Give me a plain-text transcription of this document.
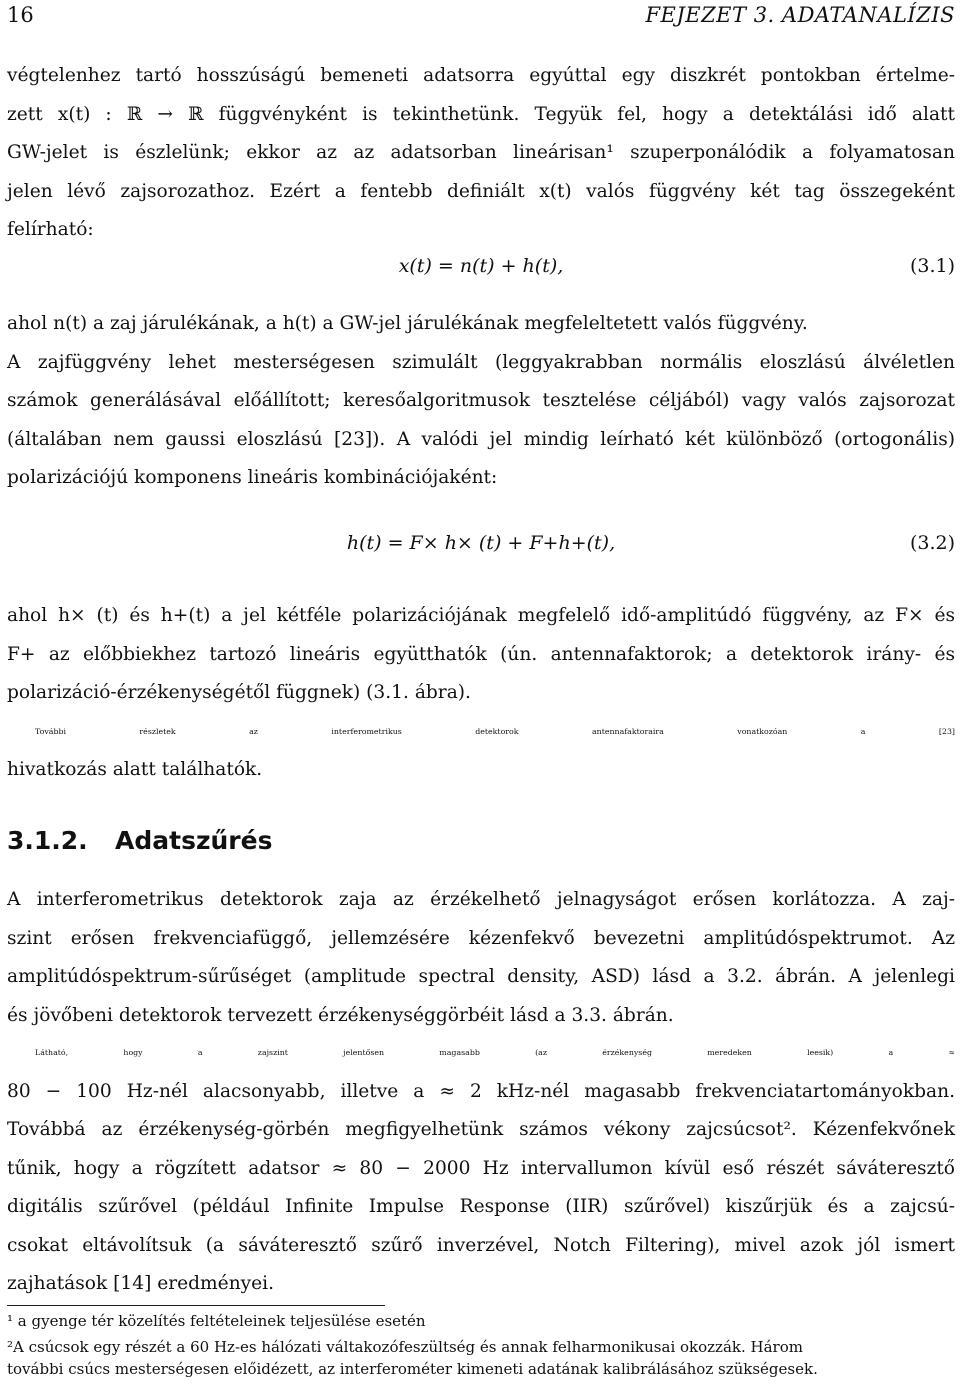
16	FEJEZET 3. ADATANALÍZIS
végtelenhez tartó hosszúságú bemeneti adatsorra egyúttal egy diszkrét pontokban értelme-
zett x(t) : ℝ → ℝ függvényként is tekinthetünk. Tegyük fel, hogy a detektálási idő alatt
GW-jelet is észlelünk; ekkor az az adatsorban lineárisan¹ szuperponálódik a folyamatosan
jelen lévő zajsorozathoz. Ezért a fentebb definiált x(t) valós függvény két tag összegeként
felírható:
x(t) = n(t) + h(t),	(3.1)
ahol n(t) a zaj járulékának, a h(t) a GW-jel járulékának megfeleltetett valós függvény.
A zajfüggvény lehet mesterségesen szimulált (leggyakrabban normális eloszlású álvéletlen
számok generálásával előállított; keresőalgoritmusok tesztelése céljából) vagy valós zajsorozat
(általában nem gaussi eloszlású [23]). A valódi jel mindig leírható két különböző (ortogonális)
polarizációjú komponens lineáris kombinációjaként:
h(t) = F× h× (t) + F+h+(t),	(3.2)
ahol h× (t) és h+(t) a jel kétféle polarizációjának megfelelő idő-amplitúdó függvény, az F× és
F+ az előbbiekhez tartozó lineáris együtthatók (ún. antennafaktorok; a detektorok irány- és
polarizáció-érzékenységétől függnek) (3.1. ábra).
További részletek az interferometrikus detektorok antennafaktoraira vonatkozóan a [23]
hivatkozás alatt találhatók.
3.1.2. Adatszűrés
A interferometrikus detektorok zaja az érzékelhető jelnagyságot erősen korlátozza. A zaj-
szint erősen frekvenciafüggő, jellemzésére kézenfekvő bevezetni amplitúdóspektrumot. Az
amplitúdóspektrum-sűrűséget (amplitude spectral density, ASD) lásd a 3.2. ábrán. A jelenlegi
és jövőbeni detektorok tervezett érzékenységgörbéit lásd a 3.3. ábrán.
Látható, hogy a zajszint jelentősen magasabb (az érzékenység meredeken leesik) a ≈
80 − 100 Hz-nél alacsonyabb, illetve a ≈ 2 kHz-nél magasabb frekvenciatartományokban.
Továbbá az érzékenység-görbén megfigyelhetünk számos vékony zajcsúcsot². Kézenfekvőnek
tűnik, hogy a rögzített adatsor ≈ 80 − 2000 Hz intervallumon kívül eső részét sáváteresztő
digitális szűrővel (például Infinite Impulse Response (IIR) szűrővel) kiszűrjük és a zajcsú-
csokat eltávolítsuk (a sáváteresztő szűrő inverzével, Notch Filtering), mivel azok jól ismert
zajhatások [14] eredményei.
¹ a gyenge tér közelítés feltételeinek teljesülése esetén
²A csúcsok egy részét a 60 Hz-es hálózati váltakozófeszültség és annak felharmonikusai okozzák. Három
további csúcs mesterségesen előidézett, az interferométer kimeneti adatának kalibrálásához szükségesek.
